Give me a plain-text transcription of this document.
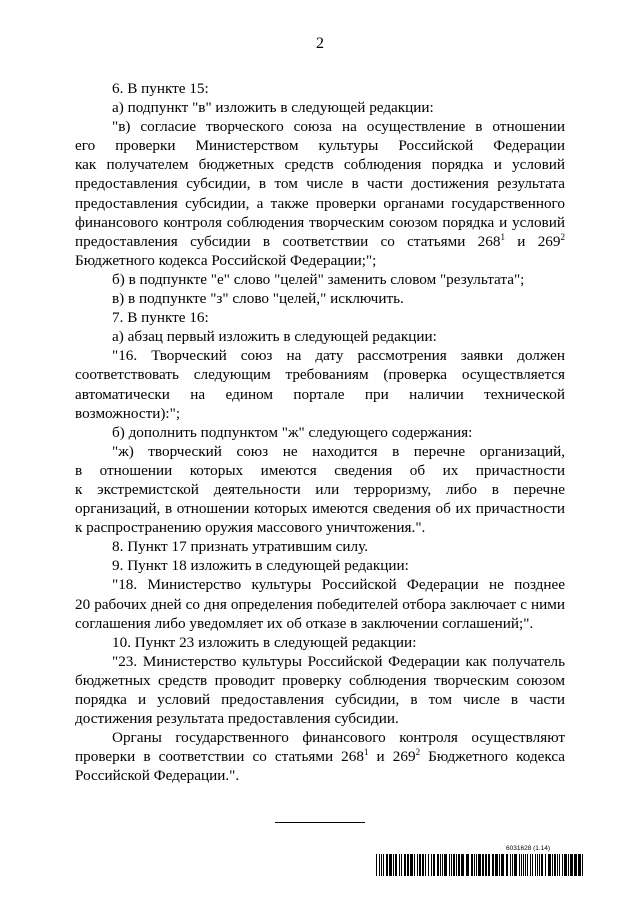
2
6. В пункте 15:
а) подпункт "в" изложить в следующей редакции:
"в) согласие творческого союза на осуществление в отношении
его проверки Министерством культуры Российской Федерации
как получателем бюджетных средств соблюдения порядка и условий
предоставления субсидии, в том числе в части достижения результата
предоставления субсидии, а также проверки органами государственного
финансового контроля соблюдения творческим союзом порядка и условий
предоставления субсидии в соответствии со статьями $268^1$ и $269^2$
Бюджетного кодекса Российской Федерации;";
б) в подпункте "е" слово "целей" заменить словом "результата";
в) в подпункте "з" слово "целей," исключить.
7. В пункте 16:
а) абзац первый изложить в следующей редакции:
"16. Творческий союз на дату рассмотрения заявки должен
соответствовать следующим требованиям (проверка осуществляется
автоматически на едином портале при наличии технической
возможности):";
б) дополнить подпунктом "ж" следующего содержания:
"ж) творческий союз не находится в перечне организаций,
в отношении которых имеются сведения об их причастности
к экстремистской деятельности или терроризму, либо в перечне
организаций, в отношении которых имеются сведения об их причастности
к распространению оружия массового уничтожения.".
8. Пункт 17 признать утратившим силу.
9. Пункт 18 изложить в следующей редакции:
"18. Министерство культуры Российской Федерации не позднее
20 рабочих дней со дня определения победителей отбора заключает с ними
соглашения либо уведомляет их об отказе в заключении соглашений;".
10. Пункт 23 изложить в следующей редакции:
"23. Министерство культуры Российской Федерации как получатель
бюджетных средств проводит проверку соблюдения творческим союзом
порядка и условий предоставления субсидии, в том числе в части
достижения результата предоставления субсидии.
Органы государственного финансового контроля осуществляют
проверки в соответствии со статьями $268^1$ и $269^2$ Бюджетного кодекса
Российской Федерации.".
6031628 (1.14)
